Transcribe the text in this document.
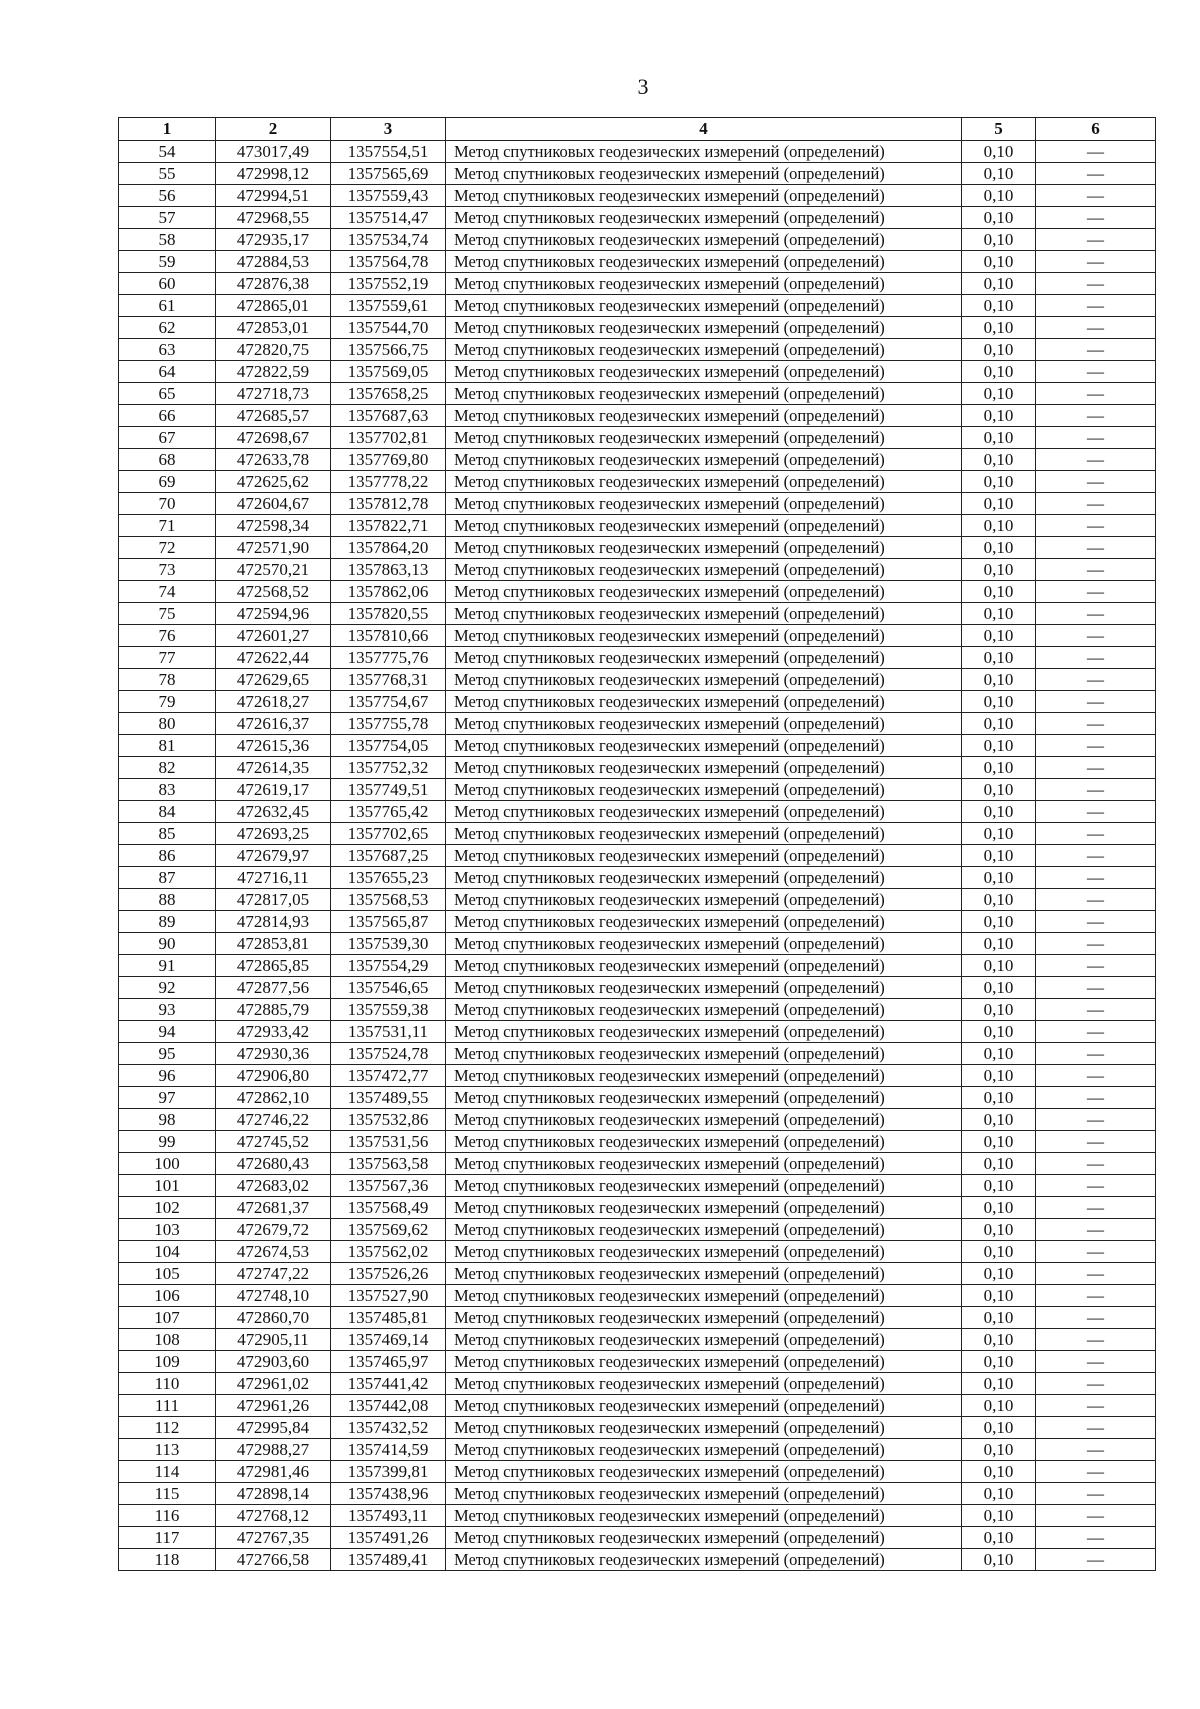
3
1	2	3	4	5	6
54	473017,49	1357554,51	Метод спутниковых геодезических измерений (определений)	0,10	—
55	472998,12	1357565,69	Метод спутниковых геодезических измерений (определений)	0,10	—
56	472994,51	1357559,43	Метод спутниковых геодезических измерений (определений)	0,10	—
57	472968,55	1357514,47	Метод спутниковых геодезических измерений (определений)	0,10	—
58	472935,17	1357534,74	Метод спутниковых геодезических измерений (определений)	0,10	—
59	472884,53	1357564,78	Метод спутниковых геодезических измерений (определений)	0,10	—
60	472876,38	1357552,19	Метод спутниковых геодезических измерений (определений)	0,10	—
61	472865,01	1357559,61	Метод спутниковых геодезических измерений (определений)	0,10	—
62	472853,01	1357544,70	Метод спутниковых геодезических измерений (определений)	0,10	—
63	472820,75	1357566,75	Метод спутниковых геодезических измерений (определений)	0,10	—
64	472822,59	1357569,05	Метод спутниковых геодезических измерений (определений)	0,10	—
65	472718,73	1357658,25	Метод спутниковых геодезических измерений (определений)	0,10	—
66	472685,57	1357687,63	Метод спутниковых геодезических измерений (определений)	0,10	—
67	472698,67	1357702,81	Метод спутниковых геодезических измерений (определений)	0,10	—
68	472633,78	1357769,80	Метод спутниковых геодезических измерений (определений)	0,10	—
69	472625,62	1357778,22	Метод спутниковых геодезических измерений (определений)	0,10	—
70	472604,67	1357812,78	Метод спутниковых геодезических измерений (определений)	0,10	—
71	472598,34	1357822,71	Метод спутниковых геодезических измерений (определений)	0,10	—
72	472571,90	1357864,20	Метод спутниковых геодезических измерений (определений)	0,10	—
73	472570,21	1357863,13	Метод спутниковых геодезических измерений (определений)	0,10	—
74	472568,52	1357862,06	Метод спутниковых геодезических измерений (определений)	0,10	—
75	472594,96	1357820,55	Метод спутниковых геодезических измерений (определений)	0,10	—
76	472601,27	1357810,66	Метод спутниковых геодезических измерений (определений)	0,10	—
77	472622,44	1357775,76	Метод спутниковых геодезических измерений (определений)	0,10	—
78	472629,65	1357768,31	Метод спутниковых геодезических измерений (определений)	0,10	—
79	472618,27	1357754,67	Метод спутниковых геодезических измерений (определений)	0,10	—
80	472616,37	1357755,78	Метод спутниковых геодезических измерений (определений)	0,10	—
81	472615,36	1357754,05	Метод спутниковых геодезических измерений (определений)	0,10	—
82	472614,35	1357752,32	Метод спутниковых геодезических измерений (определений)	0,10	—
83	472619,17	1357749,51	Метод спутниковых геодезических измерений (определений)	0,10	—
84	472632,45	1357765,42	Метод спутниковых геодезических измерений (определений)	0,10	—
85	472693,25	1357702,65	Метод спутниковых геодезических измерений (определений)	0,10	—
86	472679,97	1357687,25	Метод спутниковых геодезических измерений (определений)	0,10	—
87	472716,11	1357655,23	Метод спутниковых геодезических измерений (определений)	0,10	—
88	472817,05	1357568,53	Метод спутниковых геодезических измерений (определений)	0,10	—
89	472814,93	1357565,87	Метод спутниковых геодезических измерений (определений)	0,10	—
90	472853,81	1357539,30	Метод спутниковых геодезических измерений (определений)	0,10	—
91	472865,85	1357554,29	Метод спутниковых геодезических измерений (определений)	0,10	—
92	472877,56	1357546,65	Метод спутниковых геодезических измерений (определений)	0,10	—
93	472885,79	1357559,38	Метод спутниковых геодезических измерений (определений)	0,10	—
94	472933,42	1357531,11	Метод спутниковых геодезических измерений (определений)	0,10	—
95	472930,36	1357524,78	Метод спутниковых геодезических измерений (определений)	0,10	—
96	472906,80	1357472,77	Метод спутниковых геодезических измерений (определений)	0,10	—
97	472862,10	1357489,55	Метод спутниковых геодезических измерений (определений)	0,10	—
98	472746,22	1357532,86	Метод спутниковых геодезических измерений (определений)	0,10	—
99	472745,52	1357531,56	Метод спутниковых геодезических измерений (определений)	0,10	—
100	472680,43	1357563,58	Метод спутниковых геодезических измерений (определений)	0,10	—
101	472683,02	1357567,36	Метод спутниковых геодезических измерений (определений)	0,10	—
102	472681,37	1357568,49	Метод спутниковых геодезических измерений (определений)	0,10	—
103	472679,72	1357569,62	Метод спутниковых геодезических измерений (определений)	0,10	—
104	472674,53	1357562,02	Метод спутниковых геодезических измерений (определений)	0,10	—
105	472747,22	1357526,26	Метод спутниковых геодезических измерений (определений)	0,10	—
106	472748,10	1357527,90	Метод спутниковых геодезических измерений (определений)	0,10	—
107	472860,70	1357485,81	Метод спутниковых геодезических измерений (определений)	0,10	—
108	472905,11	1357469,14	Метод спутниковых геодезических измерений (определений)	0,10	—
109	472903,60	1357465,97	Метод спутниковых геодезических измерений (определений)	0,10	—
110	472961,02	1357441,42	Метод спутниковых геодезических измерений (определений)	0,10	—
111	472961,26	1357442,08	Метод спутниковых геодезических измерений (определений)	0,10	—
112	472995,84	1357432,52	Метод спутниковых геодезических измерений (определений)	0,10	—
113	472988,27	1357414,59	Метод спутниковых геодезических измерений (определений)	0,10	—
114	472981,46	1357399,81	Метод спутниковых геодезических измерений (определений)	0,10	—
115	472898,14	1357438,96	Метод спутниковых геодезических измерений (определений)	0,10	—
116	472768,12	1357493,11	Метод спутниковых геодезических измерений (определений)	0,10	—
117	472767,35	1357491,26	Метод спутниковых геодезических измерений (определений)	0,10	—
118	472766,58	1357489,41	Метод спутниковых геодезических измерений (определений)	0,10	—
